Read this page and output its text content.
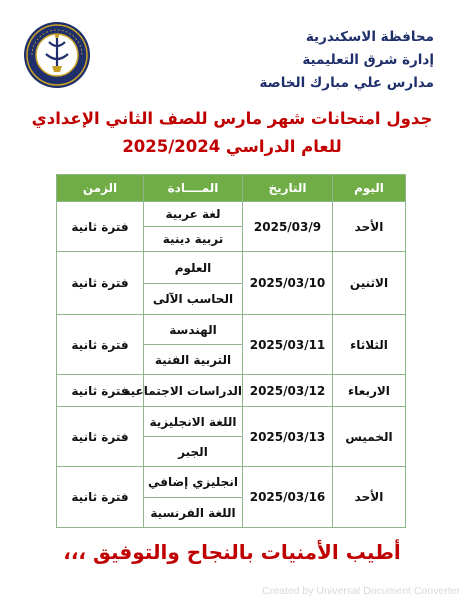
محافظة الاسكندرية
إدارة شرق التعليمية
مدارس علي مبارك الخاصة
جدول امتحانات شهر مارس للصف الثاني الإعدادي
للعام الدراسي 2025/2024
اليوم	التاريخ	المــــادة	الزمن
الأحد	2025/03/9	لغة عربية	فترة ثانية
		تربية دينية	
الاثنين	2025/03/10	العلوم	فترة ثانية
		الحاسب الآلى	
الثلاثاء	2025/03/11	الهندسة	فترة ثانية
		التربية الفنية	
الاربعاء	2025/03/12	الدراسات الاجتماعية	فترة ثانية
الخميس	2025/03/13	اللغة الانجليزية	فترة ثانية
		الجبر	
الأحد	2025/03/16	انجليزي إضافي	فترة ثانية
		اللغة الفرنسية	
أطيب الأمنيات بالنجاح والتوفيق ،،،
Created by Universal Document Converter
